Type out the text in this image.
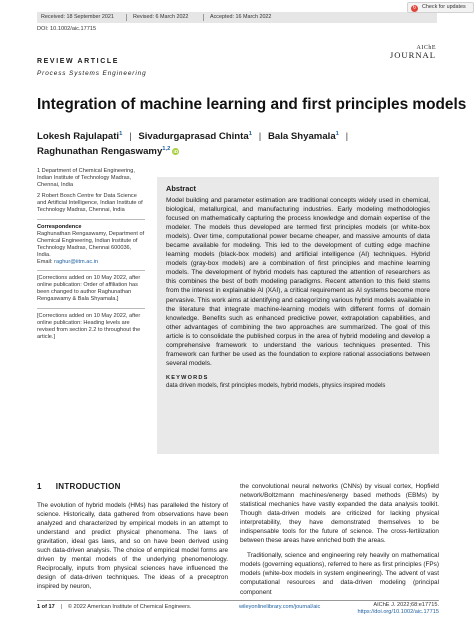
Received: 18 September 2021	Revised: 6 March 2022	Accepted: 16 March 2022
↻ Check for updates
DOI: 10.1002/aic.17715
AIChE
JOURNAL
REVIEW ARTICLE
Process Systems Engineering
Integration of machine learning and first principles models
Lokesh Rajulapati$^1$ | Sivadurgaprasad Chinta$^1$ | Bala Shyamala$^1$ |
Raghunathan Rengaswamy$^{1,2}$ iD

1 Department of Chemical Engineering, Indian Institute of Technology Madras, Chennai, India

2 Robert Bosch Centre for Data Science and Artificial Intelligence, Indian Institute of Technology Madras, Chennai, India

Correspondence

Raghunathan Rengaswamy, Department of Chemical Engineering, Indian Institute of Technology Madras, Chennai 600036, India.

Email: raghur@iitm.ac.in

[Corrections added on 10 May 2022, after online publication: Order of affiliation has been changed to author Raghunathan Rengaswamy & Bala Shyamala.]

[Corrections added on 10 May 2022, after online publication: Heading levels are revised from section 2.2 to throughout the article.]

Abstract
Model building and parameter estimation are traditional concepts widely used in chemical, biological, metallurgical, and manufacturing industries. Early modeling methodologies focused on mathematically capturing the process knowledge and domain expertise of the modeler. The models thus developed are termed first principles models (or white-box models). Over time, computational power became cheaper, and massive amounts of data became available for modeling. This led to the development of cutting edge machine learning models (black-box models) and artificial intelligence (AI) techniques. Hybrid models (gray-box models) are a combination of first principles and machine learning models. The development of hybrid models has captured the attention of researchers as this combines the best of both modeling paradigms. Recent attention to this field stems from the interest in explainable AI (XAI), a critical requirement as AI systems become more pervasive. This work aims at identifying and categorizing various hybrid models available in the literature that integrate machine-learning models with different forms of domain knowledge. Benefits such as enhanced predictive power, extrapolation capabilities, and other advantages of combining the two approaches are summarized. The goal of this article is to consolidate the published corpus in the area of hybrid modeling and develop a comprehensive framework to understand the various techniques presented. This framework can further be used as the foundation to explore rational associations between several models.
KEYWORDS
data driven models, first principles models, hybrid models, physics inspired models
1 INTRODUCTION
The evolution of hybrid models (HMs) has paralleled the history of science. Historically, data gathered from observations have been analyzed and characterized by empirical models in an attempt to understand and predict physical phenomena. The laws of gravitation, ideal gas laws, and so on have been derived using such data-driven analysis. The choice of empirical model forms are driven by mental models of the underlying phenomenology. Reciprocally, inputs from physical sciences have influenced the design of data-driven techniques. The ideas of a preceptron inspired by neuron,

the convolutional neural networks (CNNs) by visual cortex, Hopfield network/Boltzmann machines/energy based methods (EBMs) by statistical mechanics have vastly expanded the data analysis toolkit. Though data-driven models are criticized for lacking physical interpretability, they have demonstrated themselves to be indispensable tools for the future of science. The cross-fertilization between these areas have enriched both the areas.

Traditionally, science and engineering rely heavily on mathematical models (governing equations), referred to here as first principles (FPs) models (white-box models in system engineering). The advent of vast computational resources and data-driven modeling (principal component

1 of 17 | © 2022 American Institute of Chemical Engineers.	wileyonlinelibrary.com/journal/aic	AIChE J. 2022;68:e17715.
https://doi.org/10.1002/aic.17715
